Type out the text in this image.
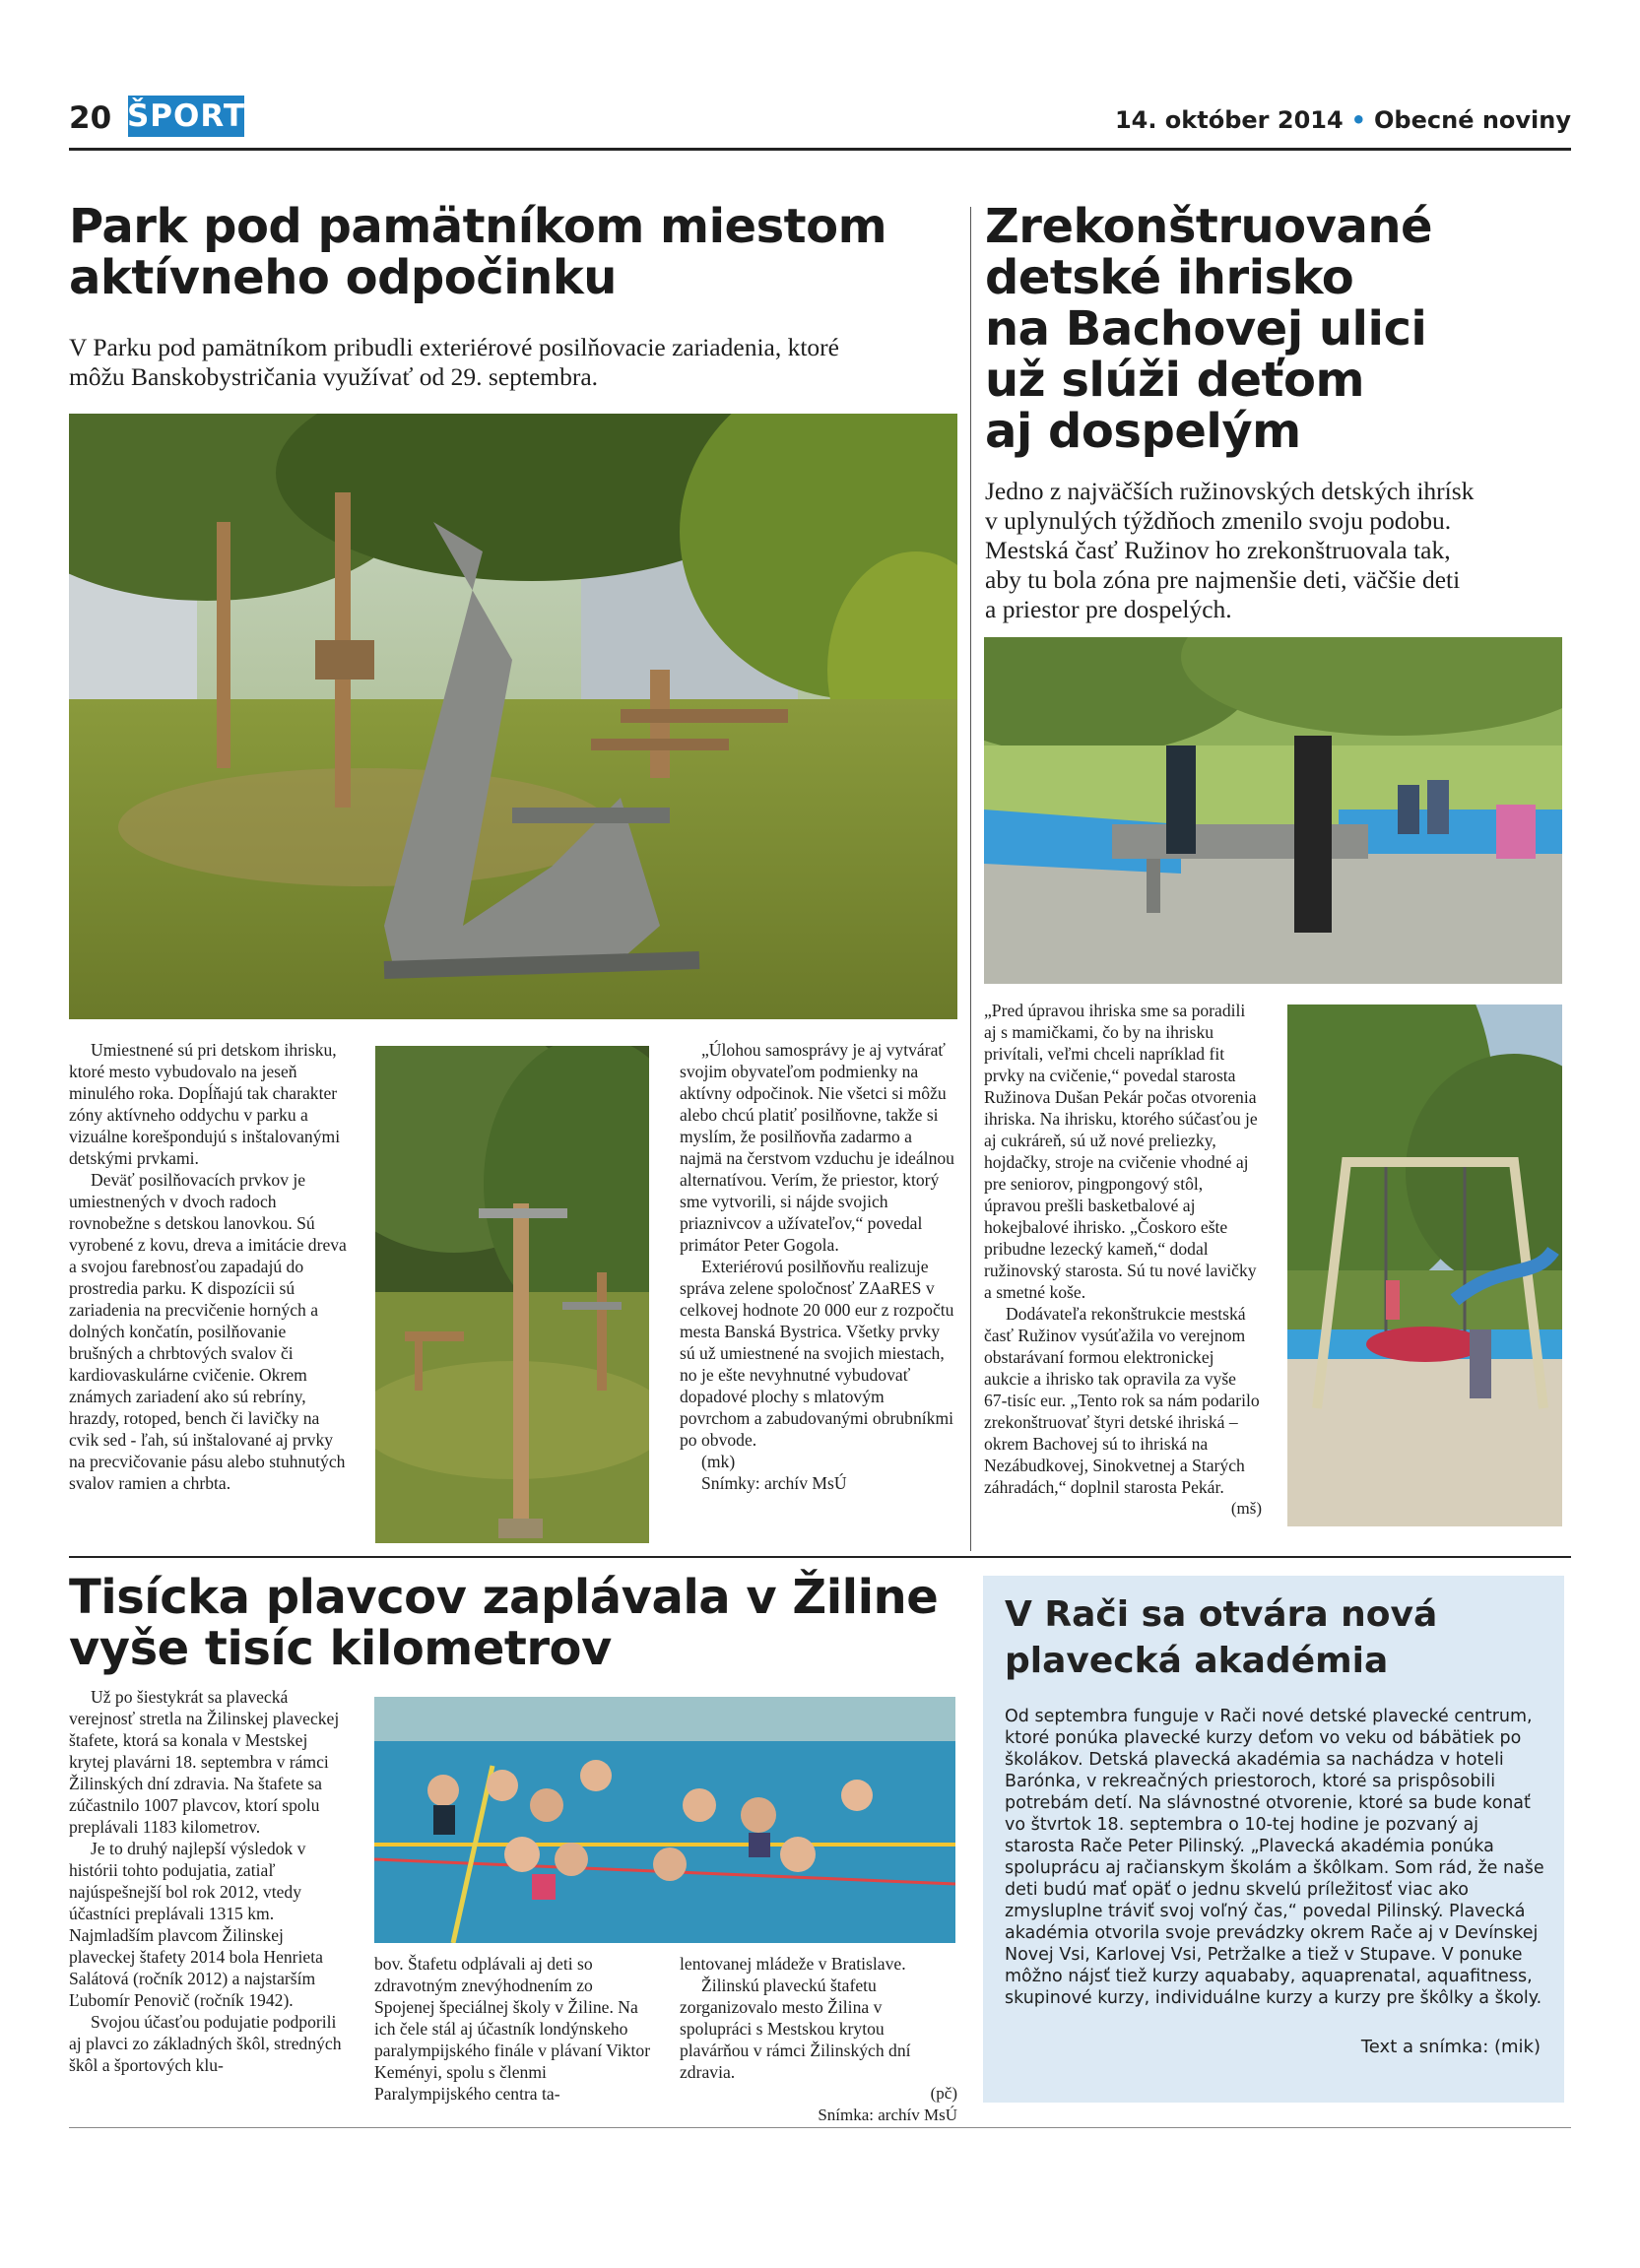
20 ŠPORT	14. október 2014 • Obecné noviny
Park pod pamätníkom miestom
aktívneho odpočinku
V Parku pod pamätníkom pribudli exteriérové posilňovacie zariadenia, ktoré
môžu Banskobystričania využívať od 29. septembra.

Umiestnené sú pri detskom ihrisku, ktoré mesto vybudovalo na jeseň minulého roka. Dopĺňajú tak charakter zóny aktívneho oddychu v parku a vizuálne korešpondujú s inštalovanými detskými prvkami.

Deväť posilňovacích prvkov je umiestnených v dvoch radoch rovnobežne s detskou lanovkou. Sú vyrobené z kovu, dreva a imitácie dreva a svojou farebnosťou zapadajú do prostredia parku. K dispozícii sú zariadenia na precvičenie horných a dolných končatín, posilňovanie brušných a chrbtových svalov či kardiovaskulárne cvičenie. Okrem známych zariadení ako sú rebríny, hrazdy, rotoped, bench či lavičky na cvik sed - ľah, sú inštalované aj prvky na precvičovanie pásu alebo stuhnutých svalov ramien a chrbta.

„Úlohou samosprávy je aj vytvárať svojim obyvateľom podmienky na aktívny odpočinok. Nie všetci si môžu alebo chcú platiť posilňovne, takže si myslím, že posilňovňa zadarmo a najmä na čerstvom vzduchu je ideálnou alternatívou. Verím, že priestor, ktorý sme vytvorili, si nájde svojich priaznivcov a užívateľov,“ povedal primátor Peter Gogola.

Exteriérovú posilňovňu realizuje správa zelene spoločnosť ZAaRES v celkovej hodnote 20 000 eur z rozpočtu mesta Banská Bystrica. Všetky prvky sú už umiestnené na svojich miestach, no je ešte nevyhnutné vybudovať dopadové plochy s mlatovým povrchom a zabudovanými obrubníkmi po obvode.

(mk)

Snímky: archív MsÚ

Zrekonštruované
detské ihrisko
na Bachovej ulici
už slúži deťom
aj dospelým
Jedno z najväčších ružinovských detských ihrísk
v uplynulých týždňoch zmenilo svoju podobu.
Mestská časť Ružinov ho zrekonštruovala tak,
aby tu bola zóna pre najmenšie deti, väčšie deti
a priestor pre dospelých.

„Pred úpravou ihriska sme sa poradili aj s mamičkami, čo by na ihrisku privítali, veľmi chceli napríklad fit prvky na cvičenie,“ povedal starosta Ružinova Dušan Pekár počas otvorenia ihriska. Na ihrisku, ktorého súčasťou je aj cukráreň, sú už nové preliezky, hojdačky, stroje na cvičenie vhodné aj pre seniorov, pingpongový stôl, úpravou prešli basketbalové aj hokejbalové ihrisko. „Čoskoro ešte pribudne lezecký kameň,“ dodal ružinovský starosta. Sú tu nové lavičky a smetné koše.

Dodávateľa rekonštrukcie mestská časť Ružinov vysúťažila vo verejnom obstarávaní formou elektronickej aukcie a ihrisko tak opravila za vyše 67-tisíc eur. „Tento rok sa nám podarilo zrekonštruovať štyri detské ihriská – okrem Bachovej sú to ihriská na Nezábudkovej, Sinokvetnej a Starých záhradách,“ doplnil starosta Pekár.

(mš)

Tisícka plavcov zaplávala v Žiline
vyše tisíc kilometrov

Už po šiestykrát sa plavecká verejnosť stretla na Žilinskej plaveckej štafete, ktorá sa konala v Mestskej krytej plavárni 18. septembra v rámci Žilinských dní zdravia. Na štafete sa zúčastnilo 1007 plavcov, ktorí spolu preplávali 1183 kilometrov.

Je to druhý najlepší výsledok v histórii tohto podujatia, zatiaľ najúspešnejší bol rok 2012, vtedy účastníci preplávali 1315 km. Najmladším plavcom Žilinskej plaveckej štafety 2014 bola Henrieta Salátová (ročník 2012) a najstarším Ľubomír Penovič (ročník 1942).

Svojou účasťou podujatie podporili aj plavci zo základných škôl, stredných škôl a športových klu-

bov. Štafetu odplávali aj deti so zdravotným znevýhodnením zo Spojenej špeciálnej školy v Žiline. Na ich čele stál aj účastník londýnskeho paralympijského finále v plávaní Viktor Keményi, spolu s členmi Paralympijského centra ta-

lentovanej mládeže v Bratislave.

Žilinskú plaveckú štafetu zorganizovalo mesto Žilina v spolupráci s Mestskou krytou plavárňou v rámci Žilinských dní zdravia.

(pč)

Snímka: archív MsÚ

V Rači sa otvára nová
plavecká akadémia
Od septembra funguje v Rači nové detské plavecké centrum, ktoré ponúka plavecké kurzy deťom vo veku od bábätiek po školákov. Detská plavecká akadémia sa nachádza v hoteli Barónka, v rekreačných priestoroch, ktoré sa prispôsobili potrebám detí. Na slávnostné otvorenie, ktoré sa bude konať vo štvrtok 18. septembra o 10-tej hodine je pozvaný aj starosta Rače Peter Pilinský. „Plavecká akadémia ponúka spoluprácu aj račianskym školám a škôlkam. Som rád, že naše deti budú mať opäť o jednu skvelú príležitosť viac ako zmysluplne tráviť svoj voľný čas,“ povedal Pilinský. Plavecká akadémia otvorila svoje prevádzky okrem Rače aj v Devínskej Novej Vsi, Karlovej Vsi, Petržalke a tiež v Stupave. V ponuke môžno nájsť tiež kurzy aquababy, aquaprenatal, aquafitness, skupinové kurzy, individuálne kurzy a kurzy pre škôlky a školy.
Text a snímka: (mik)
